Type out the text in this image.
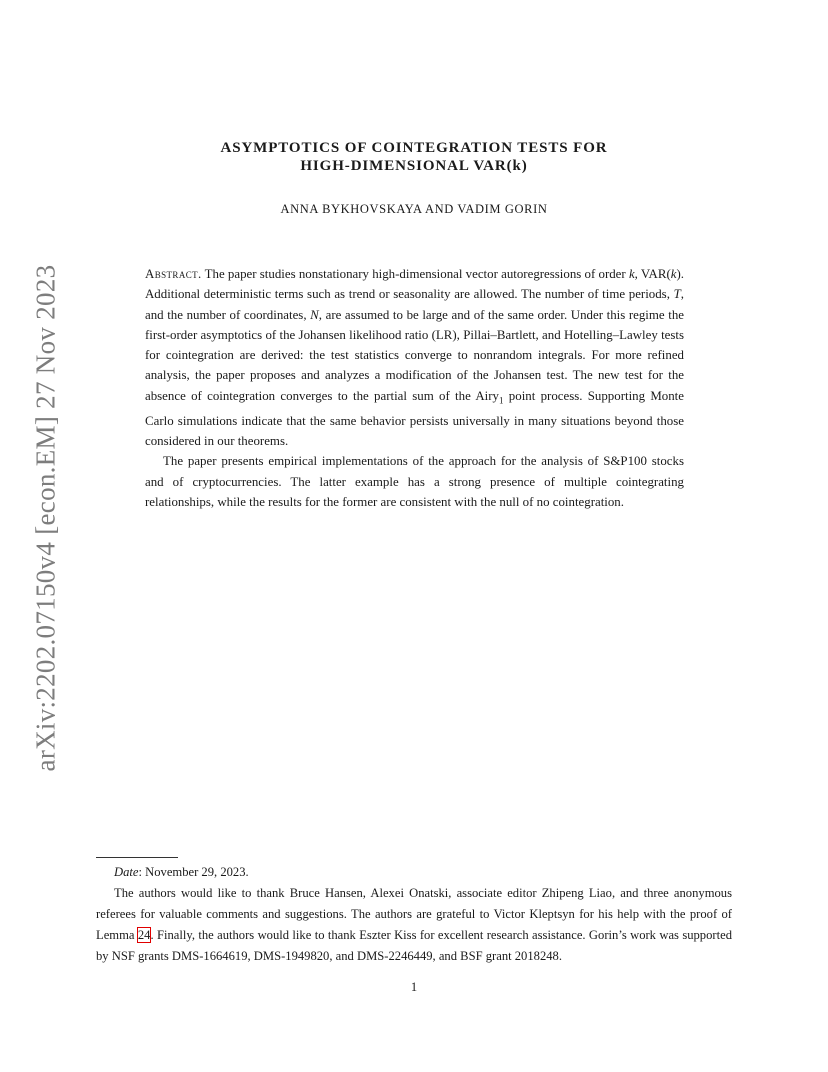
arXiv:2202.07150v4 [econ.EM] 27 Nov 2023
ASYMPTOTICS OF COINTEGRATION TESTS FOR
HIGH-DIMENSIONAL VAR(k)
ANNA BYKHOVSKAYA AND VADIM GORIN

Abstract. The paper studies nonstationary high-dimensional vector autoregressions of order k, VAR(k). Additional deterministic terms such as trend or seasonality are allowed. The number of time periods, T, and the number of coordinates, N, are assumed to be large and of the same order. Under this regime the first-order asymptotics of the Johansen likelihood ratio (LR), Pillai–Bartlett, and Hotelling–Lawley tests for cointegration are derived: the test statistics converge to nonrandom integrals. For more refined analysis, the paper proposes and analyzes a modification of the Johansen test. The new test for the absence of cointegration converges to the partial sum of the Airy$_1$ point process. Supporting Monte Carlo simulations indicate that the same behavior persists universally in many situations beyond those considered in our theorems.

The paper presents empirical implementations of the approach for the analysis of S&P100 stocks and of cryptocurrencies. The latter example has a strong presence of multiple cointegrating relationships, while the results for the former are consistent with the null of no cointegration.

Date: November 29, 2023.

The authors would like to thank Bruce Hansen, Alexei Onatski, associate editor Zhipeng Liao, and three anonymous referees for valuable comments and suggestions. The authors are grateful to Victor Kleptsyn for his help with the proof of Lemma 24. Finally, the authors would like to thank Eszter Kiss for excellent research assistance. Gorin’s work was supported by NSF grants DMS-1664619, DMS-1949820, and DMS-2246449, and BSF grant 2018248.

1
